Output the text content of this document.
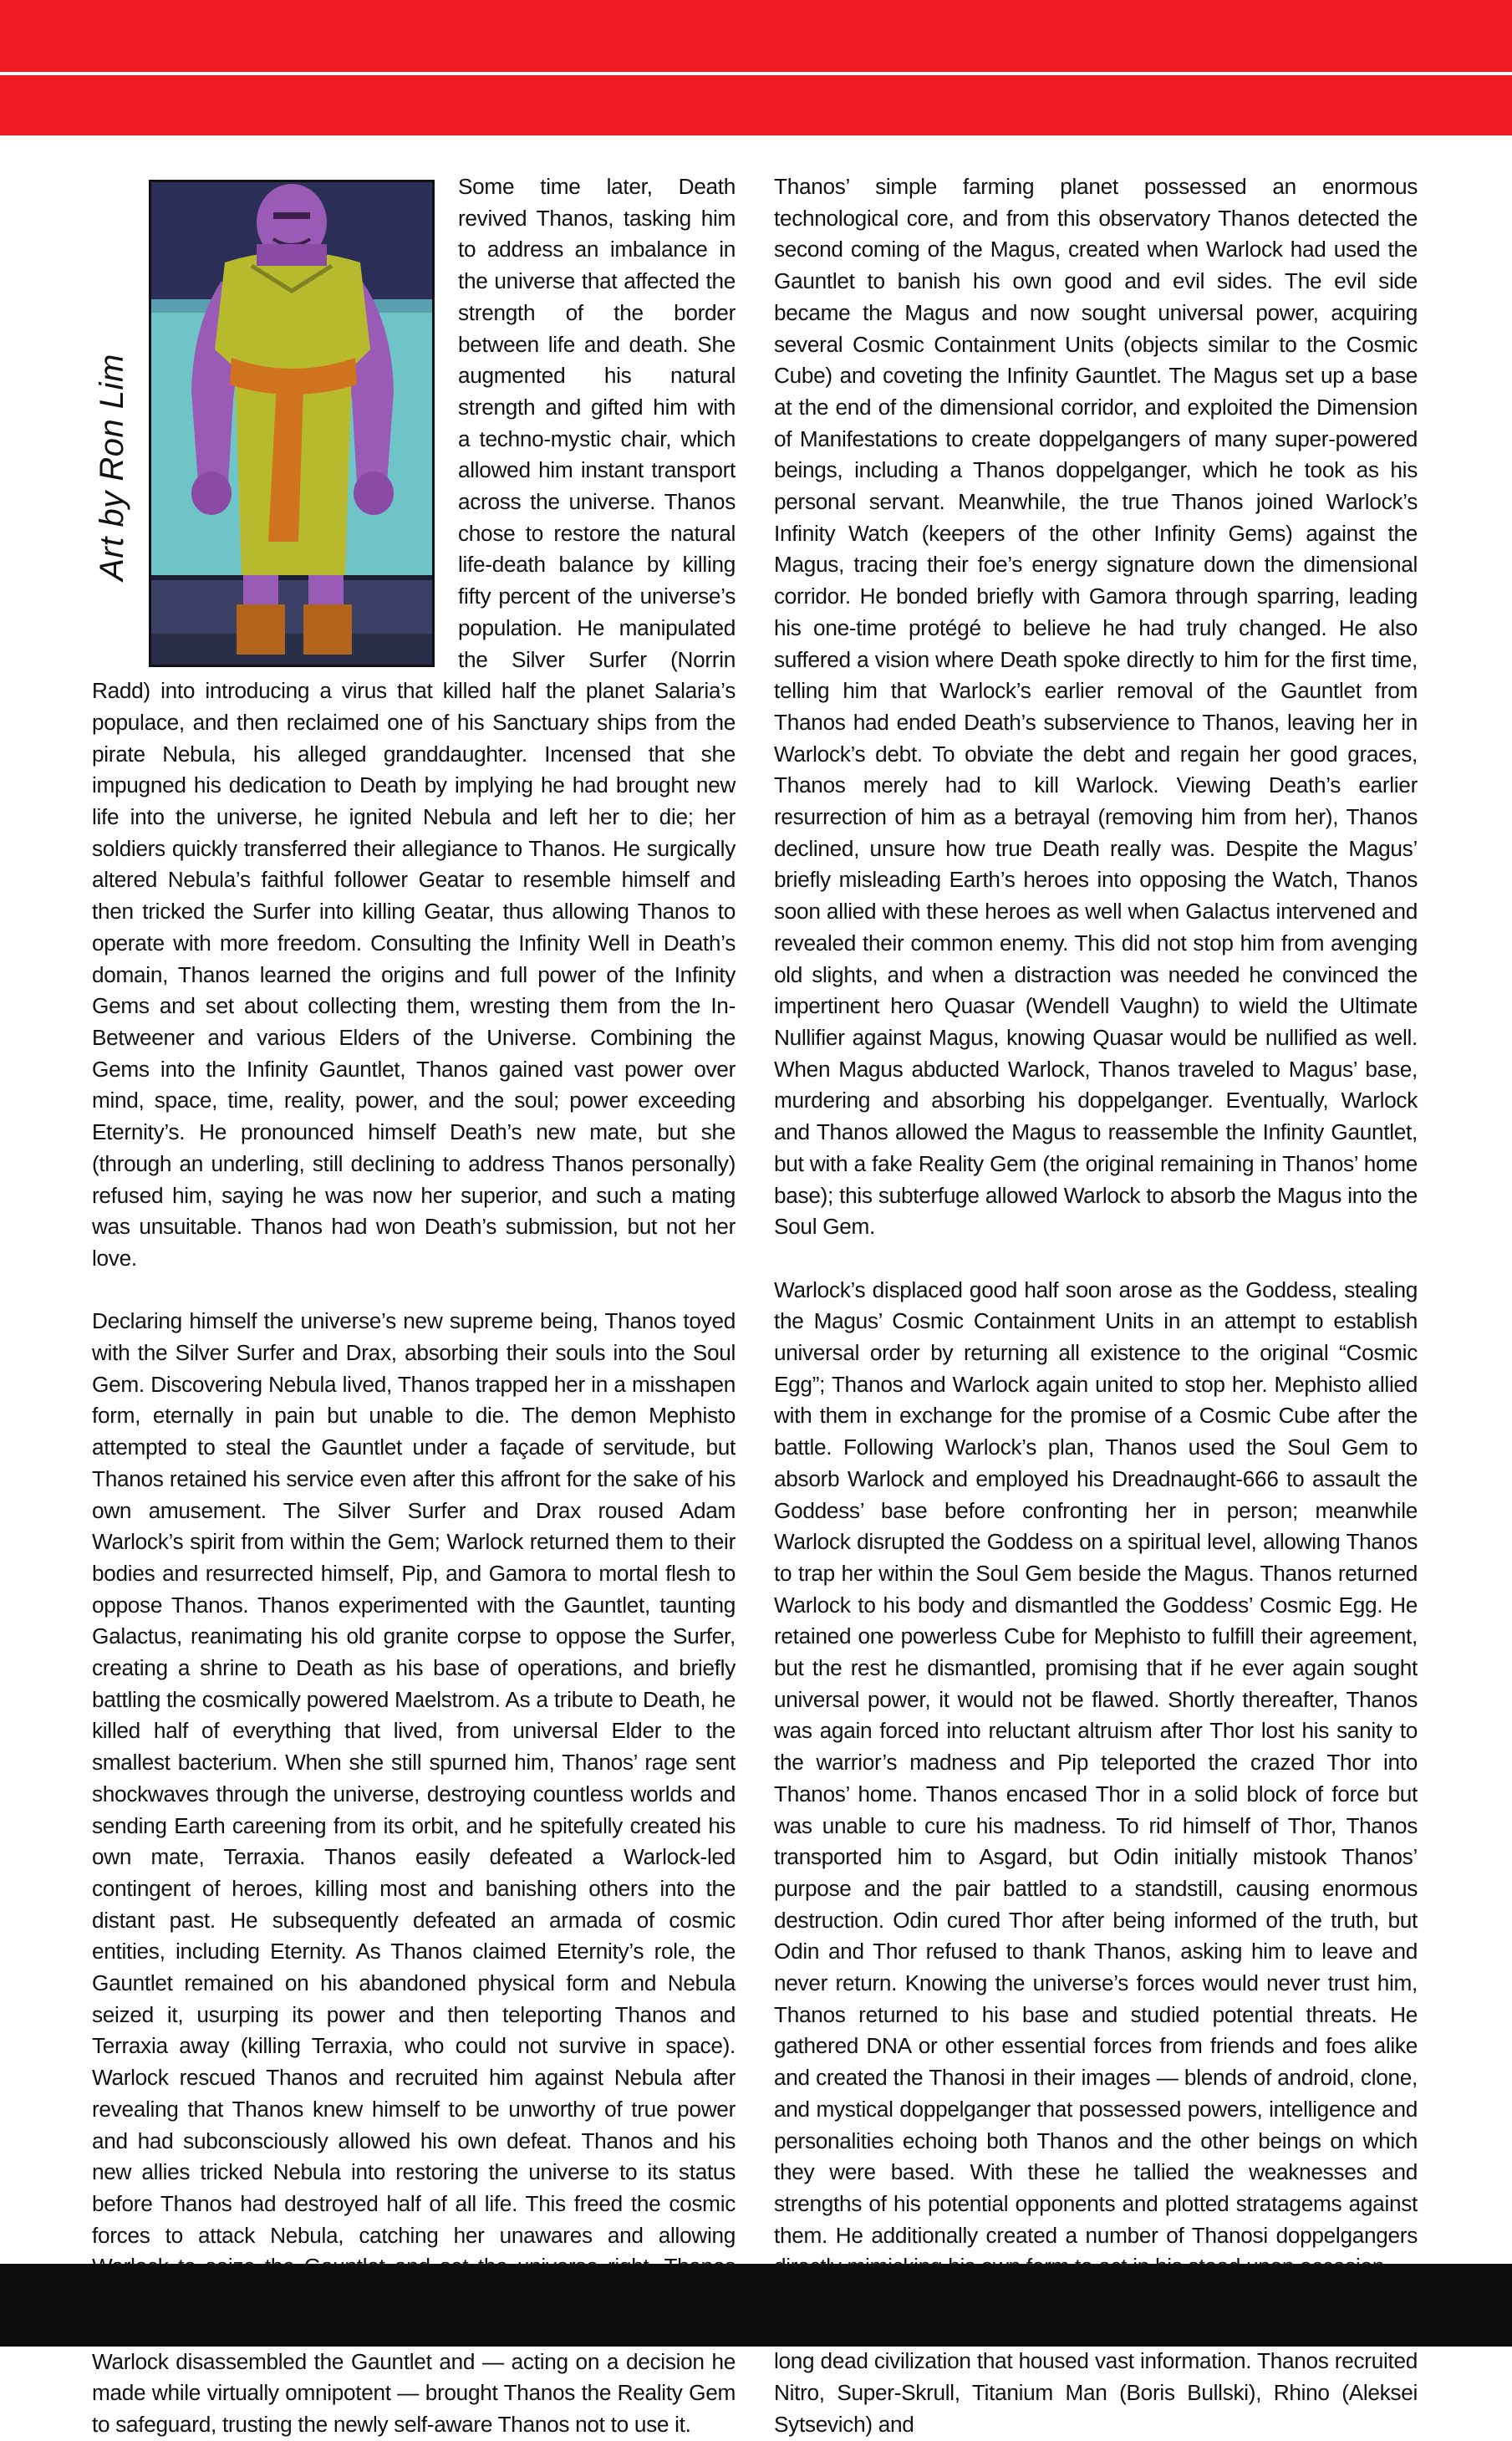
Art by Ron Lim

Some time later, Death revived Thanos, tasking him to address an imbalance in the universe that affected the strength of the border between life and death. She augmented his natural strength and gifted him with a techno-mystic chair, which allowed him instant transport across the universe. Thanos chose to restore the natural life-death balance by killing fifty percent of the universe’s population. He manipulated the Silver Surfer (Norrin Radd) into introducing a virus that killed half the planet Salaria’s populace, and then reclaimed one of his Sanctuary ships from the pirate Nebula, his alleged granddaughter. Incensed that she impugned his dedication to Death by implying he had brought new life into the universe, he ignited Nebula and left her to die; her soldiers quickly transferred their allegiance to Thanos. He surgically altered Nebula’s faithful follower Geatar to resemble himself and then tricked the Surfer into killing Geatar, thus allowing Thanos to operate with more freedom. Consulting the Infinity Well in Death’s domain, Thanos learned the origins and full power of the Infinity Gems and set about collecting them, wresting them from the In-Betweener and various Elders of the Universe. Combining the Gems into the Infinity Gauntlet, Thanos gained vast power over mind, space, time, reality, power, and the soul; power exceeding Eternity’s. He pronounced himself Death’s new mate, but she (through an underling, still declining to address Thanos personally) refused him, saying he was now her superior, and such a mating was unsuitable. Thanos had won Death’s submission, but not her love.

Declaring himself the universe’s new supreme being, Thanos toyed with the Silver Surfer and Drax, absorbing their souls into the Soul Gem. Discovering Nebula lived, Thanos trapped her in a misshapen form, eternally in pain but unable to die. The demon Mephisto attempted to steal the Gauntlet under a façade of servitude, but Thanos retained his service even after this affront for the sake of his own amusement. The Silver Surfer and Drax roused Adam Warlock’s spirit from within the Gem; Warlock returned them to their bodies and resurrected himself, Pip, and Gamora to mortal flesh to oppose Thanos. Thanos experimented with the Gauntlet, taunting Galactus, reanimating his old granite corpse to oppose the Surfer, creating a shrine to Death as his base of operations, and briefly battling the cosmically powered Maelstrom. As a tribute to Death, he killed half of everything that lived, from universal Elder to the smallest bacterium. When she still spurned him, Thanos’ rage sent shockwaves through the universe, destroying countless worlds and sending Earth careening from its orbit, and he spitefully created his own mate, Terraxia. Thanos easily defeated a Warlock-led contingent of heroes, killing most and banishing others into the distant past. He subsequently defeated an armada of cosmic entities, including Eternity. As Thanos claimed Eternity’s role, the Gauntlet remained on his abandoned physical form and Nebula seized it, usurping its power and then teleporting Thanos and Terraxia away (killing Terraxia, who could not survive in space). Warlock rescued Thanos and recruited him against Nebula after revealing that Thanos knew himself to be unworthy of true power and had subconsciously allowed his own defeat. Thanos and his new allies tricked Nebula into restoring the universe to its status before Thanos had destroyed half of all life. This freed the cosmic forces to attack Nebula, catching her unawares and allowing Warlock disassembled the Gauntlet and — acting on a decision he made while virtually omnipotent — brought Thanos the Reality Gem to safeguard, trusting the newly self-aware Thanos not to use it.

Thanos’ simple farming planet possessed an enormous technological core, and from this observatory Thanos detected the second coming of the Magus, created when Warlock had used the Gauntlet to banish his own good and evil sides. The evil side became the Magus and now sought universal power, acquiring several Cosmic Containment Units (objects similar to the Cosmic Cube) and coveting the Infinity Gauntlet. The Magus set up a base at the end of the dimensional corridor, and exploited the Dimension of Manifestations to create doppelgangers of many super-powered beings, including a Thanos doppelganger, which he took as his personal servant. Meanwhile, the true Thanos joined Warlock’s Infinity Watch (keepers of the other Infinity Gems) against the Magus, tracing their foe’s energy signature down the dimensional corridor. He bonded briefly with Gamora through sparring, leading his one-time protégé to believe he had truly changed. He also suffered a vision where Death spoke directly to him for the first time, telling him that Warlock’s earlier removal of the Gauntlet from Thanos had ended Death’s subservience to Thanos, leaving her in Warlock’s debt. To obviate the debt and regain her good graces, Thanos merely had to kill Warlock. Viewing Death’s earlier resurrection of him as a betrayal (removing him from her), Thanos declined, unsure how true Death really was. Despite the Magus’ briefly misleading Earth’s heroes into opposing the Watch, Thanos soon allied with these heroes as well when Galactus intervened and revealed their common enemy. This did not stop him from avenging old slights, and when a distraction was needed he convinced the impertinent hero Quasar (Wendell Vaughn) to wield the Ultimate Nullifier against Magus, knowing Quasar would be nullified as well. When Magus abducted Warlock, Thanos traveled to Magus’ base, murdering and absorbing his doppelganger. Eventually, Warlock and Thanos allowed the Magus to reassemble the Infinity Gauntlet, but with a fake Reality Gem (the original remaining in Thanos’ home base); this subterfuge allowed Warlock to absorb the Magus into the Soul Gem.

Warlock’s displaced good half soon arose as the Goddess, stealing the Magus’ Cosmic Containment Units in an attempt to establish universal order by returning all existence to the original “Cosmic Egg”; Thanos and Warlock again united to stop her. Mephisto allied with them in exchange for the promise of a Cosmic Cube after the battle. Following Warlock’s plan, Thanos used the Soul Gem to absorb Warlock and employed his Dreadnaught-666 to assault the Goddess’ base before confronting her in person; meanwhile Warlock disrupted the Goddess on a spiritual level, allowing Thanos to trap her within the Soul Gem beside the Magus. Thanos returned Warlock to his body and dismantled the Goddess’ Cosmic Egg. He retained one powerless Cube for Mephisto to fulfill their agreement, but the rest he dismantled, promising that if he ever again sought universal power, it would not be flawed. Shortly thereafter, Thanos was again forced into reluctant altruism after Thor lost his sanity to the warrior’s madness and Pip teleported the crazed Thor into Thanos’ home. Thanos encased Thor in a solid block of force but was unable to cure his madness. To rid himself of Thor, Thanos transported him to Asgard, but Odin initially mistook Thanos’ purpose and the pair battled to a standstill, causing enormous destruction. Odin cured Thor after being informed of the truth, but Odin and Thor refused to thank Thanos, asking him to leave and never return. Knowing the universe’s forces would never trust him, Thanos returned to his base and studied potential threats. He gathered DNA or other essential forces from friends and foes alike and created the Thanosi in their images — blends of android, clone, and mystical doppelganger that possessed powers, intelligence and personalities echoing both Thanos and the other beings on which they were based. With these he tallied the weaknesses and strengths of his potential opponents and plotted stratagems against them. He additionally created a number of Thanosi doppelgangers

long dead civilization that housed vast information. Thanos recruited Nitro, Super-Skrull, Titanium Man (Boris Bullski), Rhino (Aleksei Sytsevich) and
